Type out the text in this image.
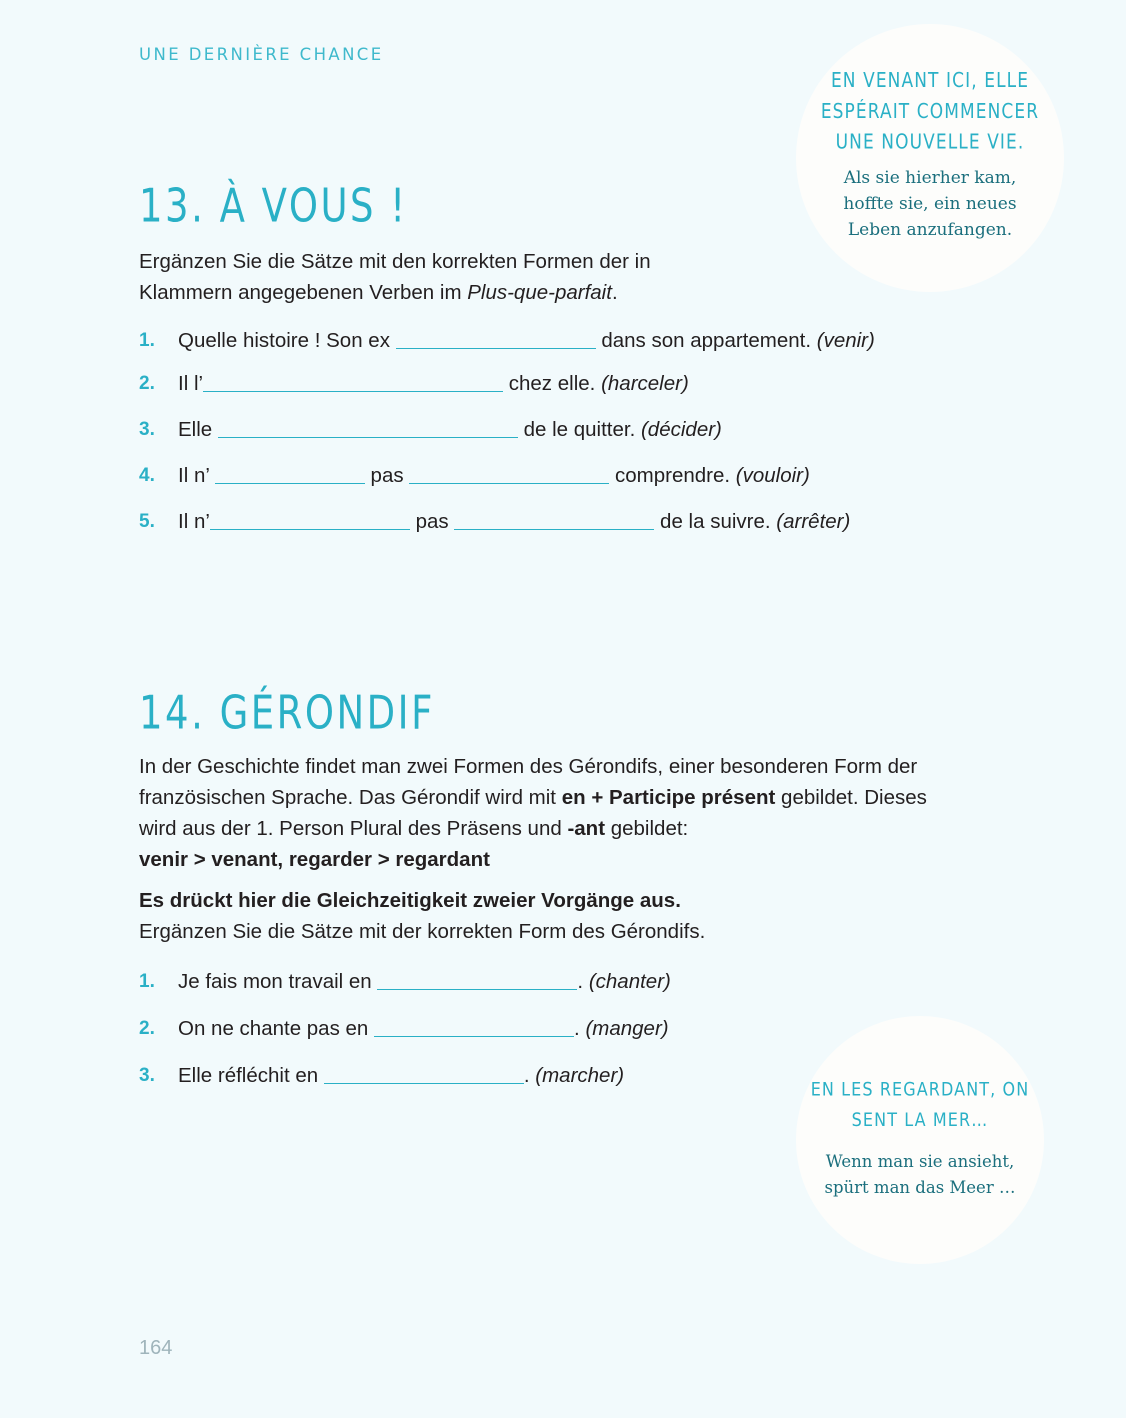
UNE DERNIÈRE CHANCE
13. À VOUS !

Ergänzen Sie die Sätze mit den korrekten Formen der in Klammern angegebenen Verben im Plus-que-parfait.

1. Quelle histoire ! Son ex	dans son appartement. (venir)
2. Il l’	chez elle. (harceler)
3. Elle	de le quitter. (décider)
4. Il n’	pas	comprendre. (vouloir)
5. Il n’	pas	de la suivre. (arrêter)
14. GÉRONDIF

In der Geschichte findet man zwei Formen des Gérondifs, einer besonderen Form der französischen Sprache. Das Gérondif wird mit en + Participe présent gebildet. Dieses wird aus der 1. Person Plural des Präsens und -ant gebildet:
venir > venant, regarder > regardant

Es drückt hier die Gleichzeitigkeit zweier Vorgänge aus.
Ergänzen Sie die Sätze mit der korrekten Form des Gérondifs.

1. Je fais mon travail en	. (chanter)
2. On ne chante pas en	. (manger)
3. Elle réfléchit en	. (marcher)
EN VENANT ICI, ELLE ESPÉRAIT COMMENCER UNE NOUVELLE VIE.
Als sie hierher kam, hoffte sie, ein neues Leben anzufangen.
EN LES REGARDANT, ON SENT LA MER…
Wenn man sie ansieht, spürt man das Meer …
164
